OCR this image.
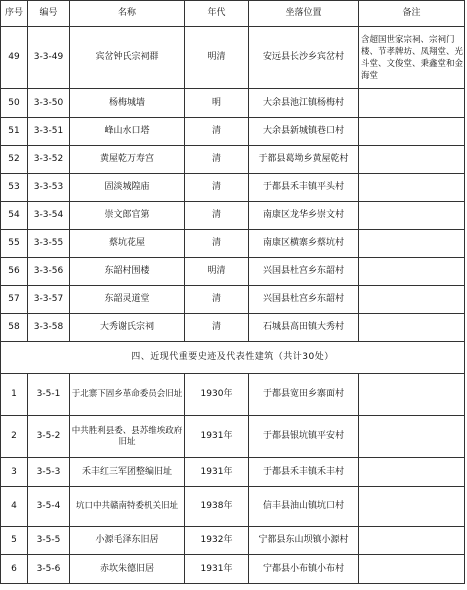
序号	编号	名称	年代	坐落位置	备注
49	3-3-49	宾岔钟氏宗祠群	明清	安远县长沙乡宾岔村	含超国世家宗祠、宗祠门楼、节孝牌坊、凤翔堂、光斗堂、文俊堂、秉鑫堂和金海堂
50	3-3-50	杨梅城墙	明	大余县池江镇杨梅村	
51	3-3-51	峰山水口塔	清	大余县新城镇巷口村	
52	3-3-52	黄屋乾万寿宫	清	于都县葛坳乡黄屋乾村	
53	3-3-53	固淡城隍庙	清	于都县禾丰镇平头村	
54	3-3-54	崇文郎官第	清	南康区龙华乡崇文村	
55	3-3-55	蔡坑花屋	清	南康区横寨乡蔡坑村	
56	3-3-56	东韶村围楼	明清	兴国县杜宫乡东韶村	
57	3-3-57	东韶灵道堂	清	兴国县杜宫乡东韶村	
58	3-3-58	大秀谢氏宗祠	清	石城县高田镇大秀村	
四、近现代重要史迹及代表性建筑（共计30处）					
1	3-5-1	于北寨下固乡革命委员会旧址	1930年	于都县宽田乡寨面村	
2	3-5-2	中共胜利县委、县苏维埃政府旧址	1931年	于都县银坑镇平安村	
3	3-5-3	禾丰红三军团整编旧址	1931年	于都县禾丰镇禾丰村	
4	3-5-4	坑口中共赣南特委机关旧址	1938年	信丰县油山镇坑口村	
5	3-5-5	小源毛泽东旧居	1932年	宁都县东山坝镇小源村	
6	3-5-6	赤坎朱德旧居	1931年	宁都县小布镇小布村	
